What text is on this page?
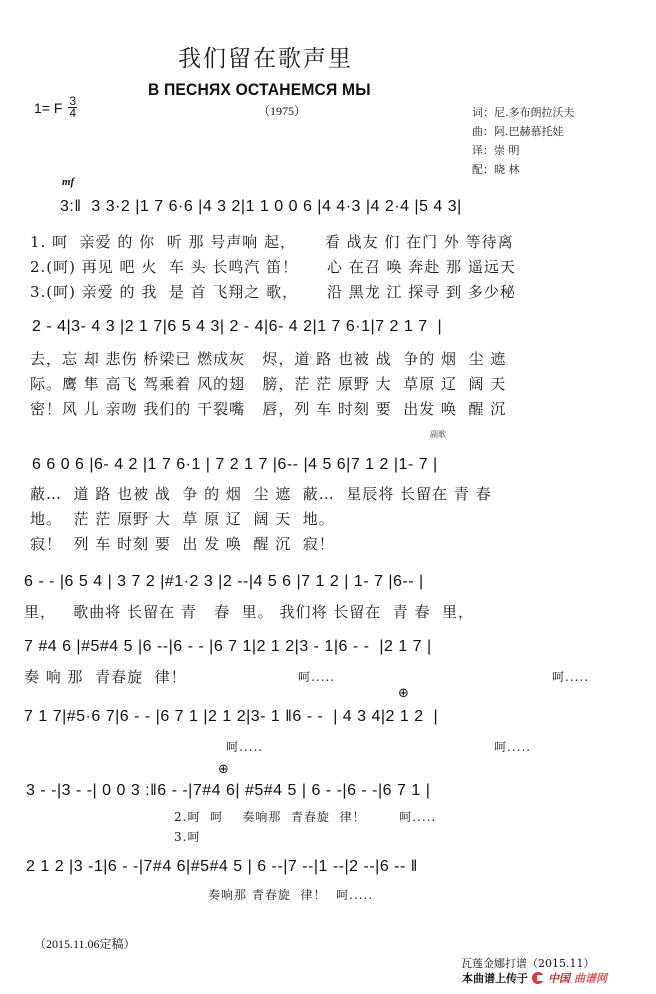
我们留在歌声里
В ПЕСНЯХ ОСТАНЕМСЯ МЫ
（1975）
1= F $\frac{3}{4}$	词：尼.多布朗拉沃夫
曲：阿.巴赫慕托娃
译：崇 明
配：晓 林
mf
3:‖  3 3·2 |1 7 6·6 |4 3 2|1 1 0 0 6 |4 4·3 |4 2·4 |5 4 3|
1. 呵  亲爱 的 你  听 那 号声响 起，     看 战友 们 在门 外 等待离
2.(呵) 再见 吧 火  车 头 长鸣汽 笛！     心 在召 唤 奔赴 那 遥远天
3.(呵) 亲爱 的 我  是 首 飞翔之 歌，     沿 黑龙 江 探寻 到 多少秘
2 - 4|3- 4 3 |2 1 7|6 5 4 3| 2 - 4|6- 4 2|1 7 6·1|7 2 1 7  |
去，忘 却 悲伤 桥梁已 燃成灰   烬，道 路 也被 战  争的 烟  尘 遮
际。鹰 隼 高飞 驾乘着 风的翅   膀，茫 茫 原野 大  草原 辽  阔 天
密！风 儿 亲吻 我们的 干裂嘴   唇，列 车 时刻 要  出发 唤  醒 沉
副歌
6 6 0 6 |6- 4 2 |1 7 6·1 | 7 2 1 7 |6-- |4 5 6|7 1 2 |1- 7 |
蔽…  道 路 也被 战  争 的 烟  尘 遮  蔽…  星辰将 长留在 青 春
地。  茫 茫 原野 大  草 原 辽  阔 天  地。
寂！  列 车 时刻 要  出 发 唤  醒 沉  寂！
6 - - |6 5 4 | 3 7 2 |#1·2 3 |2 --|4 5 6 |7 1 2 | 1- 7 |6-- |
里，   歌曲将 长留在 青   春  里。 我们将 长留在  青 春  里，
7 #4 6 |#5#4 5 |6 --|6 - - |6 7 1|2 1 2|3 - 1|6 - -  |2 1 7 |
奏 响 那  青春旋  律！	呵.....	呵.....
⊕
7 1 7|#5·6 7|6 - - |6 7 1 |2 1 2|3- 1 ‖6 - -  | 4 3 4|2 1 2  |
呵.....	呵.....
⊕
3 - -|3 - -| 0 0 3 :‖6 - -|7#4 6| #5#4 5 | 6 - -|6 - -|6 7 1 |
2.呵  呵    奏响那  青春旋  律！       呵.....
3.呵
2 1 2 |3 -1|6 - -|7#4 6|#5#4 5 | 6 --|7 --|1 --|2 --|6 -- ‖
奏响那 青春旋  律！  呵.....
（2015.11.06定稿）
瓦莲金娜打谱（2015.11）
本曲谱上传于 中国 曲谱网
